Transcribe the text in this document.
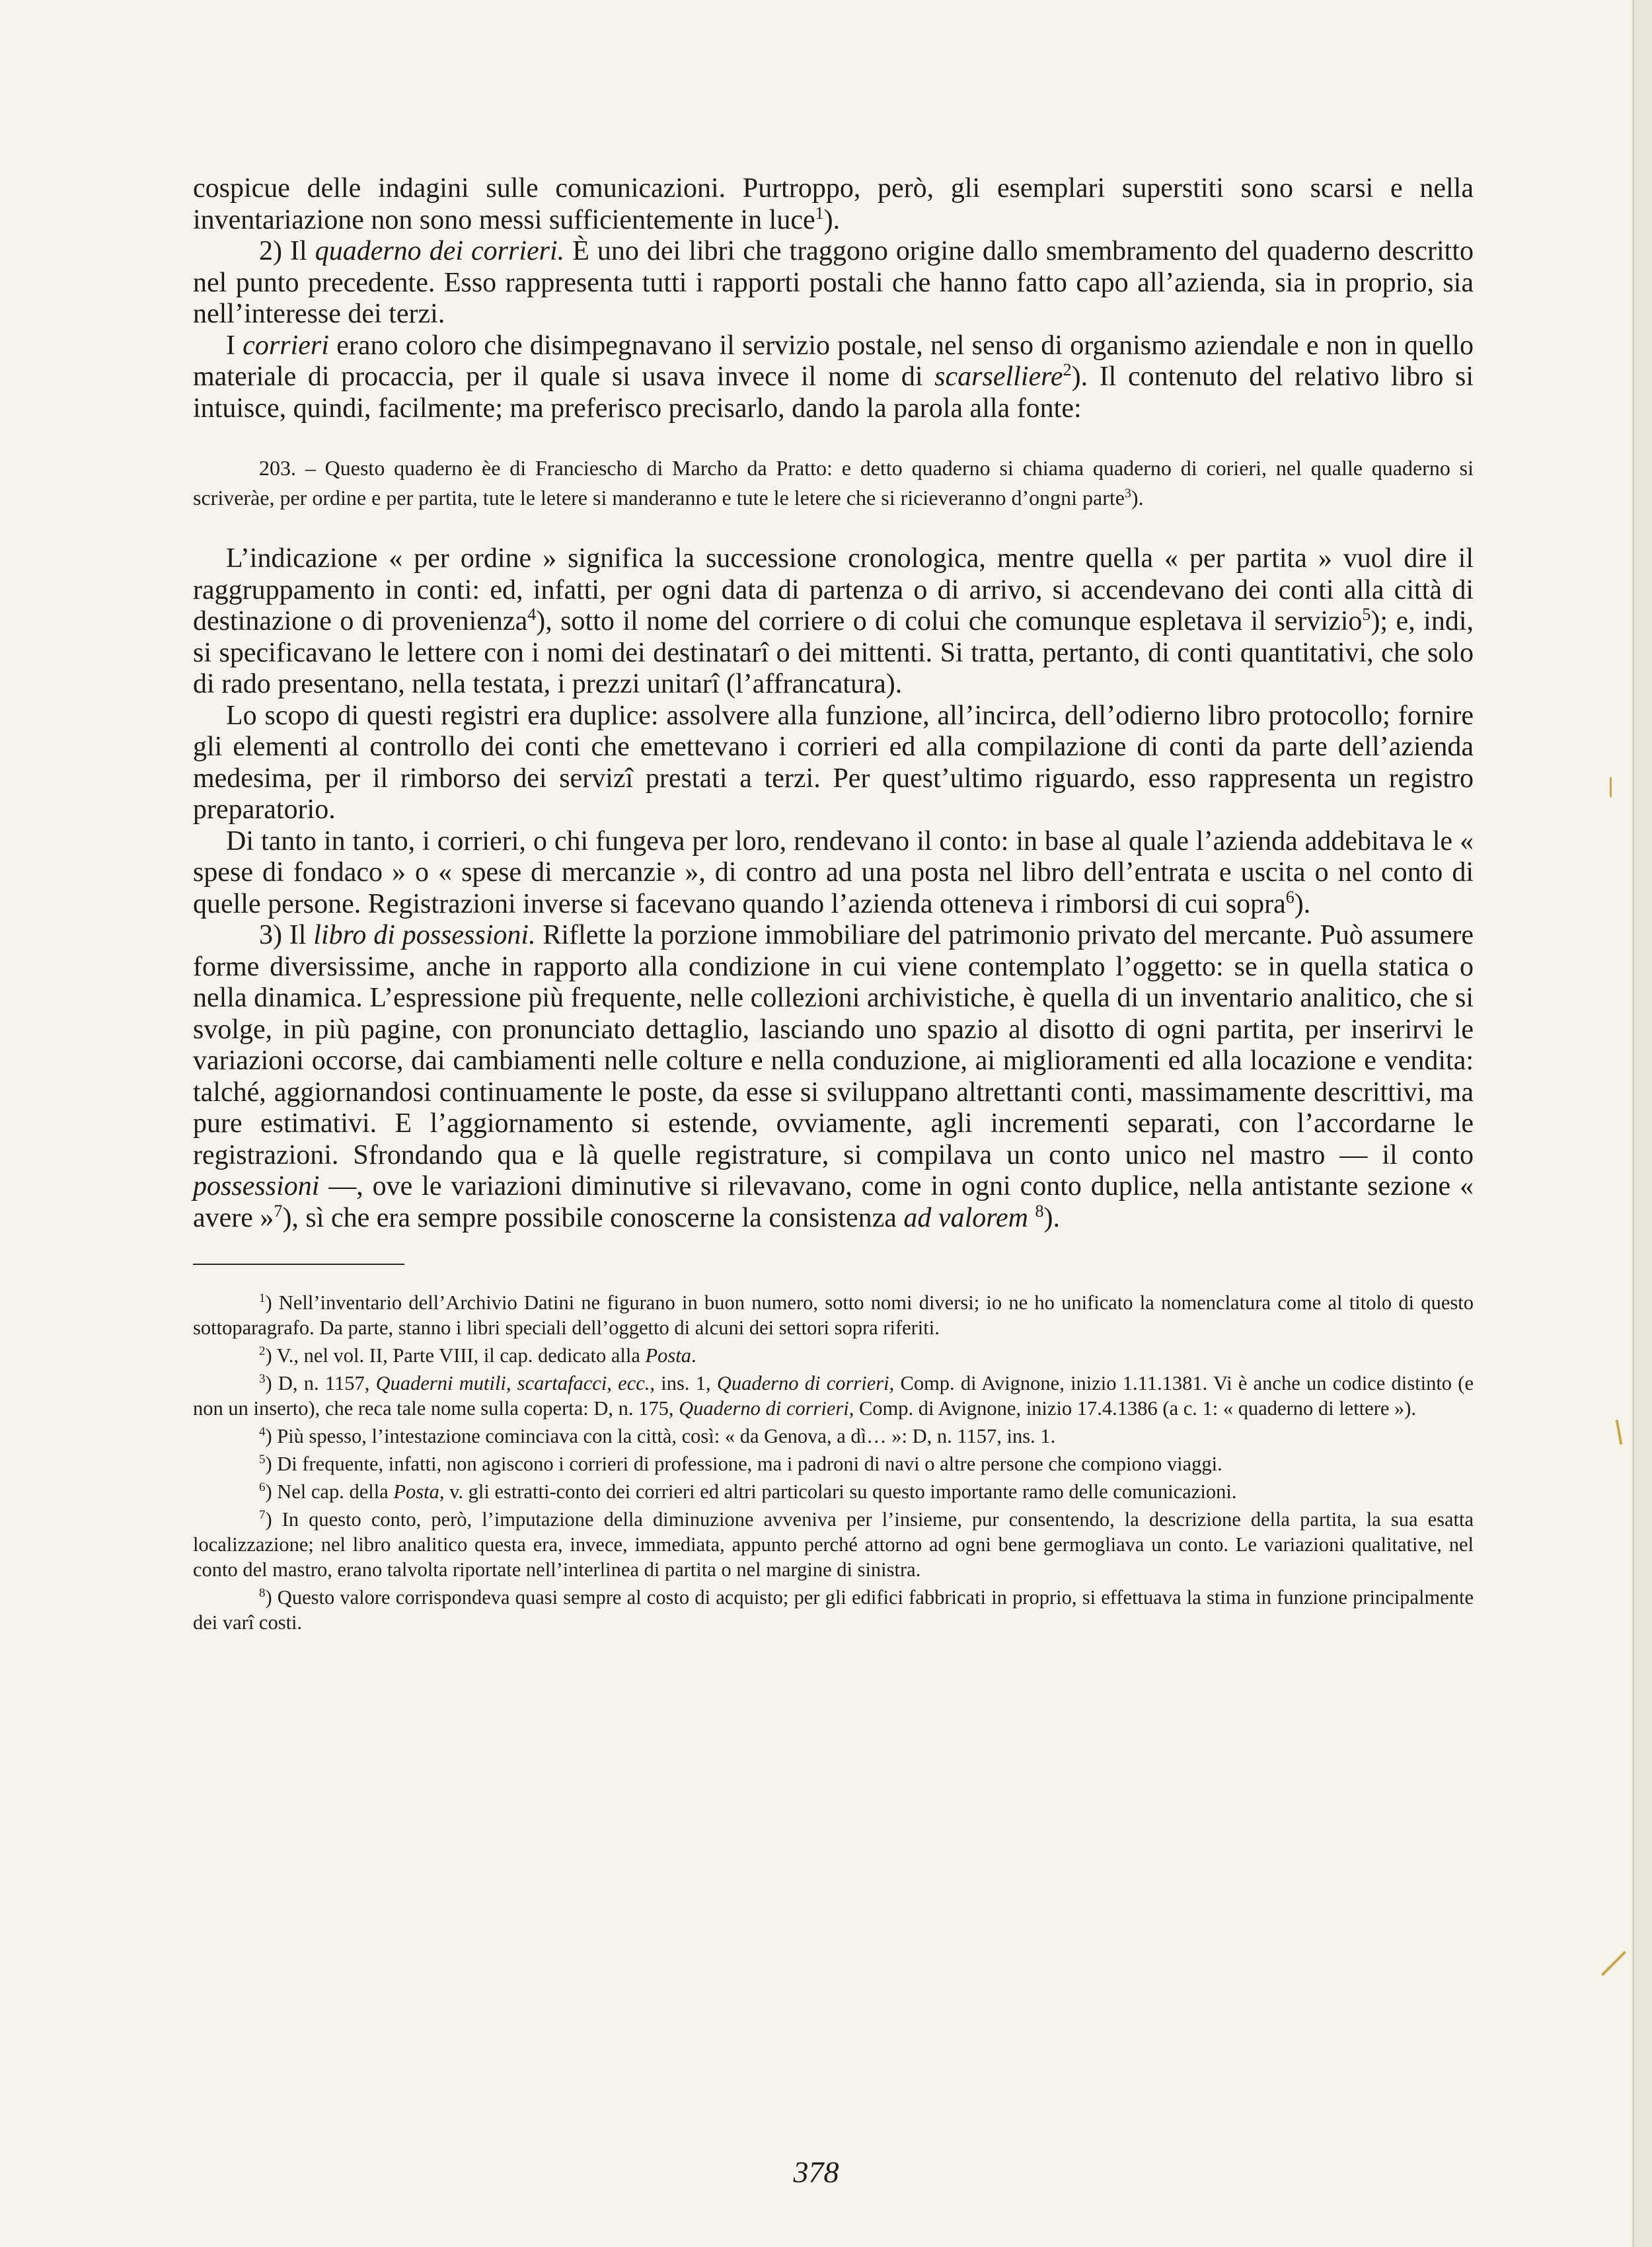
cospicue delle indagini sulle comunicazioni. Purtroppo, però, gli esemplari superstiti sono scarsi e nella inventariazione non sono messi sufficientemente in luce$^1$).

2) Il quaderno dei corrieri. È uno dei libri che traggono origine dallo smembramento del quaderno descritto nel punto precedente. Esso rappresenta tutti i rapporti postali che hanno fatto capo all’azienda, sia in proprio, sia nell’interesse dei terzi.

I corrieri erano coloro che disimpegnavano il servizio postale, nel senso di organismo aziendale e non in quello materiale di procaccia, per il quale si usava invece il nome di scarselliere$^2$). Il contenuto del relativo libro si intuisce, quindi, facilmente; ma preferisco precisarlo, dando la parola alla fonte:

203. – Questo quaderno èe di Franciescho di Marcho da Pratto: e detto quaderno si chiama quaderno di corieri, nel qualle quaderno si scriveràe, per ordine e per partita, tute le letere si manderanno e tute le letere che si ricieveranno d’ongni parte$^3$).

L’indicazione « per ordine » significa la successione cronologica, mentre quella « per partita » vuol dire il raggruppamento in conti: ed, infatti, per ogni data di partenza o di arrivo, si accendevano dei conti alla città di destinazione o di provenienza$^4$), sotto il nome del corriere o di colui che comunque espletava il servizio$^5$); e, indi, si specificavano le lettere con i nomi dei destinatarî o dei mittenti. Si tratta, pertanto, di conti quantitativi, che solo di rado presentano, nella testata, i prezzi unitarî (l’affrancatura).

Lo scopo di questi registri era duplice: assolvere alla funzione, all’incirca, dell’odierno libro protocollo; fornire gli elementi al controllo dei conti che emettevano i corrieri ed alla compilazione di conti da parte dell’azienda medesima, per il rimborso dei servizî prestati a terzi. Per quest’ultimo riguardo, esso rappresenta un registro preparatorio.

Di tanto in tanto, i corrieri, o chi fungeva per loro, rendevano il conto: in base al quale l’azienda addebitava le « spese di fondaco » o « spese di mercanzie », di contro ad una posta nel libro dell’entrata e uscita o nel conto di quelle persone. Registrazioni inverse si facevano quando l’azienda otteneva i rimborsi di cui sopra$^6$).

3) Il libro di possessioni. Riflette la porzione immobiliare del patrimonio privato del mercante. Può assumere forme diversissime, anche in rapporto alla condizione in cui viene contemplato l’oggetto: se in quella statica o nella dinamica. L’espressione più frequente, nelle collezioni archivistiche, è quella di un inventario analitico, che si svolge, in più pagine, con pronunciato dettaglio, lasciando uno spazio al disotto di ogni partita, per inserirvi le variazioni occorse, dai cambiamenti nelle colture e nella conduzione, ai miglioramenti ed alla locazione e vendita: talché, aggiornandosi continuamente le poste, da esse si sviluppano altrettanti conti, massimamente descrittivi, ma pure estimativi. E l’aggiornamento si estende, ovviamente, agli incrementi separati, con l’accordarne le registrazioni. Sfrondando qua e là quelle registrature, si compilava un conto unico nel mastro — il conto possessioni —, ove le variazioni diminutive si rilevavano, come in ogni conto duplice, nella antistante sezione « avere »$^7$), sì che era sempre possibile conoscerne la consistenza ad valorem $^8$).

$^1$) Nell’inventario dell’Archivio Datini ne figurano in buon numero, sotto nomi diversi; io ne ho unificato la nomenclatura come al titolo di questo sottoparagrafo. Da parte, stanno i libri speciali dell’oggetto di alcuni dei settori sopra riferiti.

$^2$) V., nel vol. II, Parte VIII, il cap. dedicato alla Posta.

$^3$) D, n. 1157, Quaderni mutili, scartafacci, ecc., ins. 1, Quaderno di corrieri, Comp. di Avignone, inizio 1.11.1381. Vi è anche un codice distinto (e non un inserto), che reca tale nome sulla coperta: D, n. 175, Quaderno di corrieri, Comp. di Avignone, inizio 17.4.1386 (a c. 1: « quaderno di lettere »).

$^4$) Più spesso, l’intestazione cominciava con la città, così: « da Genova, a dì… »: D, n. 1157, ins. 1.

$^5$) Di frequente, infatti, non agiscono i corrieri di professione, ma i padroni di navi o altre persone che compiono viaggi.

$^6$) Nel cap. della Posta, v. gli estratti-conto dei corrieri ed altri particolari su questo importante ramo delle comunicazioni.

$^7$) In questo conto, però, l’imputazione della diminuzione avveniva per l’insieme, pur consentendo, la descrizione della partita, la sua esatta localizzazione; nel libro analitico questa era, invece, immediata, appunto perché attorno ad ogni bene germogliava un conto. Le variazioni qualitative, nel conto del mastro, erano talvolta riportate nell’interlinea di partita o nel margine di sinistra.

$^8$) Questo valore corrispondeva quasi sempre al costo di acquisto; per gli edifici fabbricati in proprio, si effettuava la stima in funzione principalmente dei varî costi.

378
